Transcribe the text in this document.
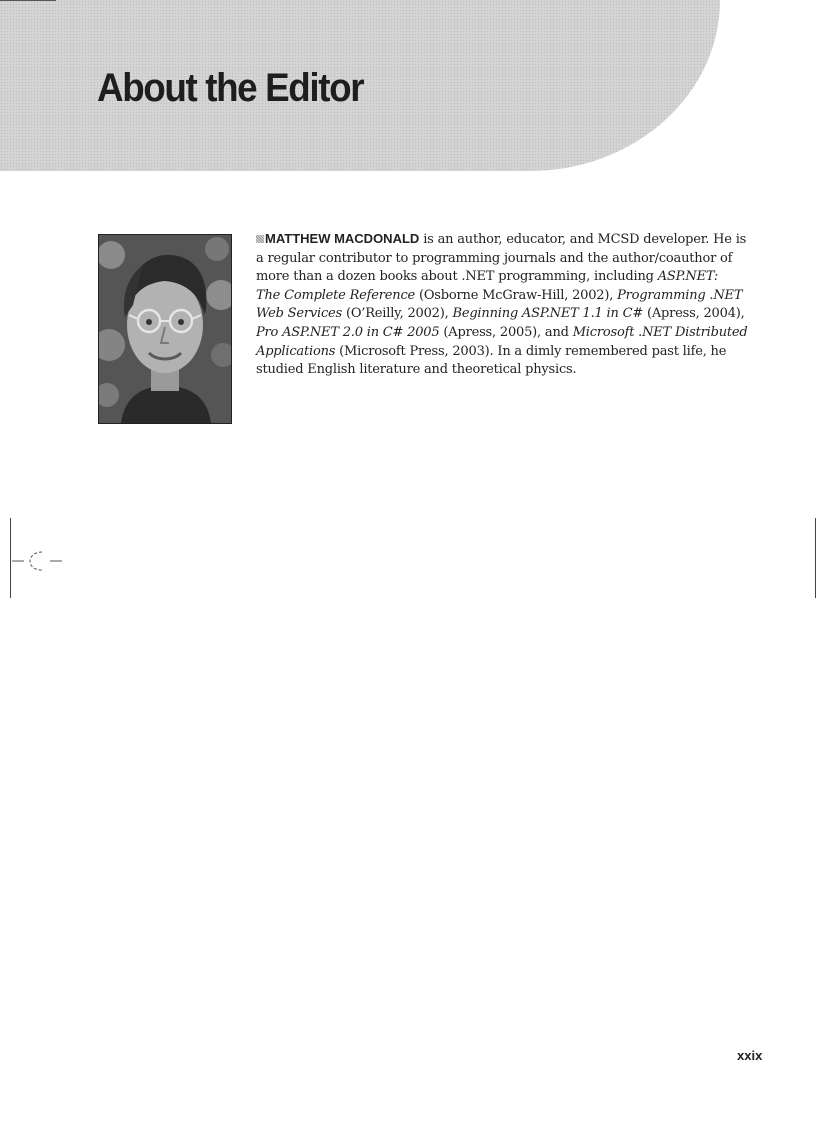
About the Editor

MATTHEW MACDONALD is an author, educator, and MCSD developer. He is
a regular contributor to programming journals and the author/coauthor of
more than a dozen books about .NET programming, including ASP.NET:
The Complete Reference (Osborne McGraw-Hill, 2002), Programming .NET
Web Services (O’Reilly, 2002), Beginning ASP.NET 1.1 in C# (Apress, 2004),
Pro ASP.NET 2.0 in C# 2005 (Apress, 2005), and Microsoft .NET Distributed
Applications (Microsoft Press, 2003). In a dimly remembered past life, he
studied English literature and theoretical physics.

xxix
